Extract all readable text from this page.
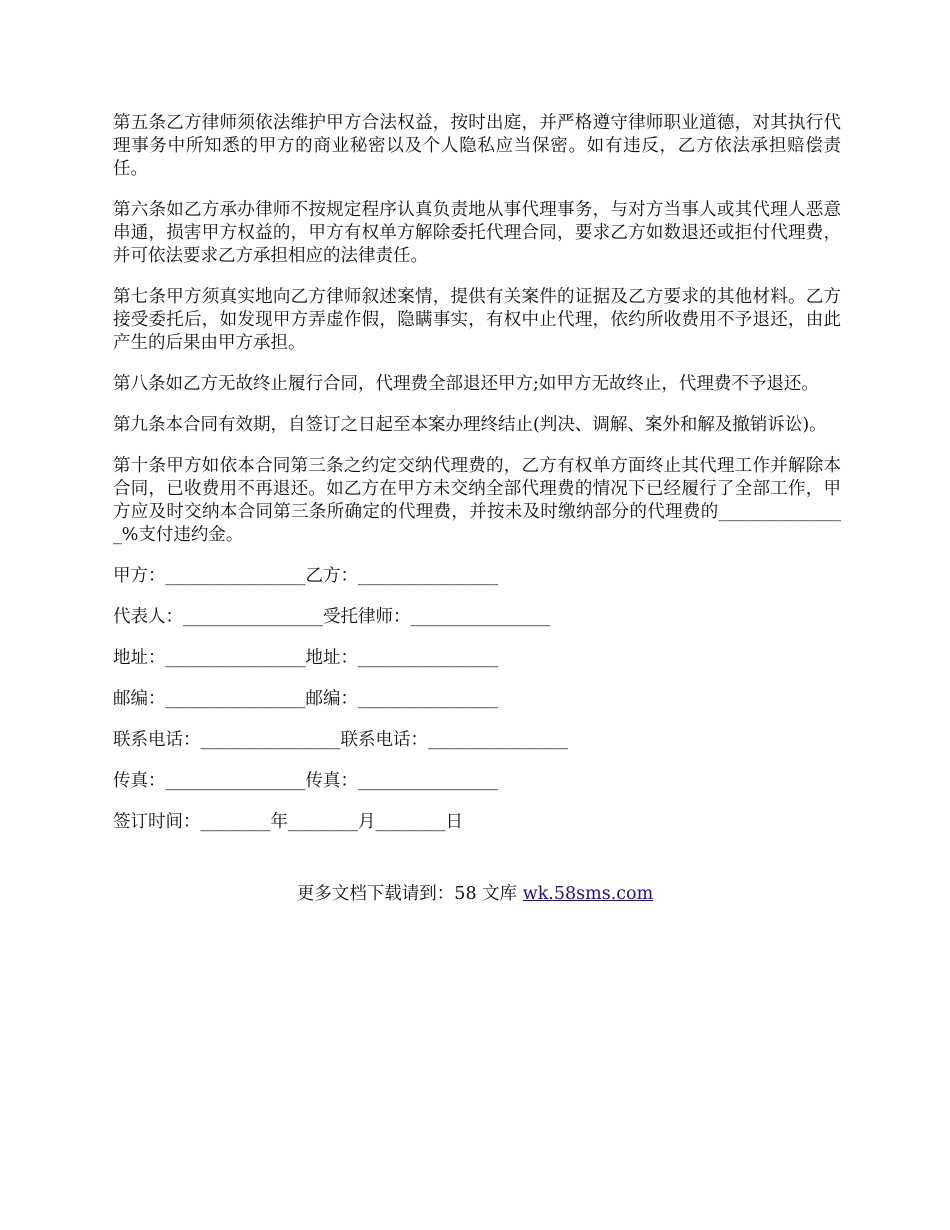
第五条乙方律师须依法维护甲方合法权益，按时出庭，并严格遵守律师职业道德，对其执行代理事务中所知悉的甲方的商业秘密以及个人隐私应当保密。如有违反，乙方依法承担赔偿责任。

第六条如乙方承办律师不按规定程序认真负责地从事代理事务，与对方当事人或其代理人恶意串通，损害甲方权益的，甲方有权单方解除委托代理合同，要求乙方如数退还或拒付代理费，并可依法要求乙方承担相应的法律责任。

第七条甲方须真实地向乙方律师叙述案情，提供有关案件的证据及乙方要求的其他材料。乙方接受委托后，如发现甲方弄虚作假，隐瞒事实，有权中止代理，依约所收费用不予退还，由此产生的后果由甲方承担。

第八条如乙方无故终止履行合同，代理费全部退还甲方;如甲方无故终止，代理费不予退还。

第九条本合同有效期，自签订之日起至本案办理终结止(判决、调解、案外和解及撤销诉讼)。

第十条甲方如依本合同第三条之约定交纳代理费的，乙方有权单方面终止其代理工作并解除本合同，已收费用不再退还。如乙方在甲方未交纳全部代理费的情况下已经履行了全部工作，甲方应及时交纳本合同第三条所确定的代理费，并按未及时缴纳部分的代理费的_______________%支付违约金。

甲方：________________乙方：________________

代表人：________________受托律师：________________

地址：________________地址：________________

邮编：________________邮编：________________

联系电话：________________联系电话：________________

传真：________________传真：________________

签订时间：________年________月________日

更多文档下载请到：58 文库 wk.58sms.com
